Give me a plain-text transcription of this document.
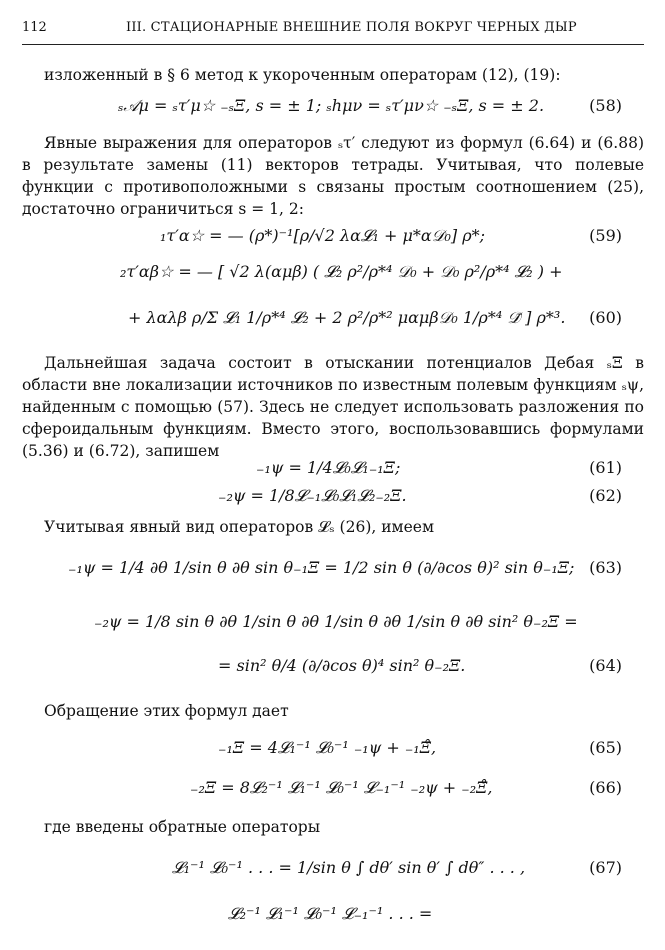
112	III. СТАЦИОНАРНЫЕ ВНЕШНИЕ ПОЛЯ ВОКРУГ ЧЕРНЫХ ДЫР

изложенный в § 6 метод к укороченным операторам (12), (19):

ₛ𝒜μ = ₛτ′μ☆ ₋ₛΞ, s = ± 1; ₛhμν = ₛτ′μν☆ ₋ₛΞ, s = ± 2.	(58)

Явные выражения для операторов ₛτ′ следуют из формул (6.64) и (6.88) в результате замены (11) векторов тетрады. Учитывая, что полевые функции с противоположными s связаны простым соотношением (25), достаточно ограничиться s = 1, 2:

₁τ′α☆ = — (ρ*)⁻¹[ρ/√2 λα𝓛₁ + μ*α𝒟₀] ρ*;	(59)
₂τ′αβ☆ = — [ √2 λ(αμβ) ( 𝓛₂ ρ²/ρ*⁴ 𝒟₀ + 𝒟₀ ρ²/ρ*⁴ 𝓛₂ ) +
+ λαλβ ρ/Σ 𝓛₁ 1/ρ*⁴ 𝓛₂ + 2 ρ²/ρ*² μαμβ𝒟₀ 1/ρ*⁴ 𝒟̄ ] ρ*³. (60)

Дальнейшая задача состоит в отыскании потенциалов Дебая ₛΞ в области вне локализации источников по известным полевым функциям ₛψ, найденным с помощью (57). Здесь не следует использовать разложения по сфероидальным функциям. Вместо этого, воспользовавшись формулами (5.36) и (6.72), запишем

₋₁ψ = 1/4𝓛₀𝓛₁₋₁Ξ;	(61)
₋₂ψ = 1/8𝓛₋₁𝓛₀𝓛₁𝓛₂₋₂Ξ.	(62)

Учитывая явный вид операторов 𝓛ₛ (26), имеем

₋₁ψ = 1/4 ∂θ 1/sin θ ∂θ sin θ₋₁Ξ = 1/2 sin θ (∂/∂cos θ)² sin θ₋₁Ξ; (63)
₋₂ψ = 1/8 sin θ ∂θ 1/sin θ ∂θ 1/sin θ ∂θ 1/sin θ ∂θ sin² θ₋₂Ξ =
= sin² θ/4 (∂/∂cos θ)⁴ sin² θ₋₂Ξ.	(64)

Обращение этих формул дает

₋₁Ξ = 4𝓛₁⁻¹ 𝓛₀⁻¹ ₋₁ψ + ₋₁Ξ̊,	(65)
₋₂Ξ = 8𝓛₂⁻¹ 𝓛₁⁻¹ 𝓛₀⁻¹ 𝓛₋₁⁻¹ ₋₂ψ + ₋₂Ξ̊,	(66)

где введены обратные операторы

𝓛₁⁻¹ 𝓛₀⁻¹ . . . = 1/sin θ ∫ dθ′ sin θ′ ∫ dθ″ . . . ,	(67)
𝓛₂⁻¹ 𝓛₁⁻¹ 𝓛₀⁻¹ 𝓛₋₁⁻¹ . . . =
